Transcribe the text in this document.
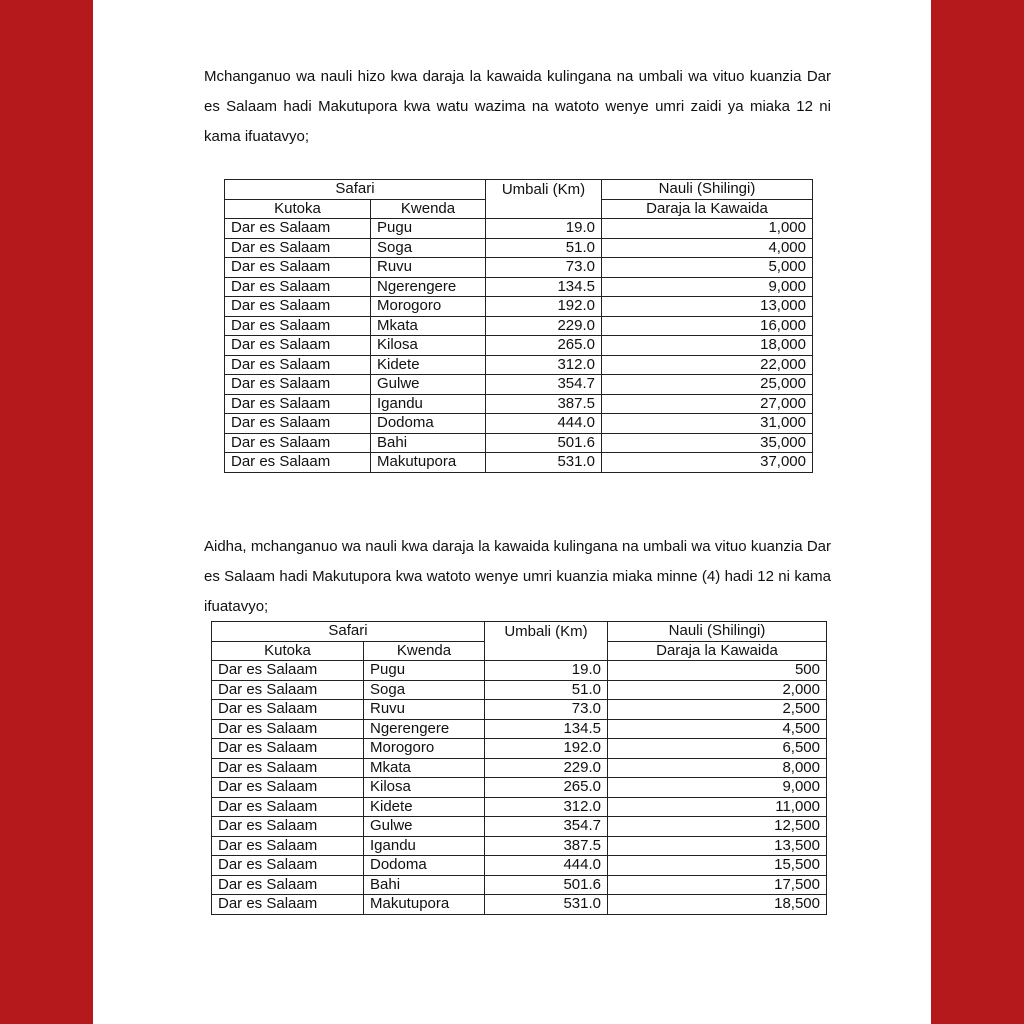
Mchanganuo wa nauli hizo kwa daraja la kawaida kulingana na umbali wa vituo kuanzia Dar es Salaam hadi Makutupora kwa watu wazima na watoto wenye umri zaidi ya miaka 12 ni kama ifuatavyo;

Safari		Umbali (Km)	Nauli (Shilingi)
Kutoka	Kwenda		Daraja la Kawaida
Dar es Salaam	Pugu	19.0	1,000
Dar es Salaam	Soga	51.0	4,000
Dar es Salaam	Ruvu	73.0	5,000
Dar es Salaam	Ngerengere	134.5	9,000
Dar es Salaam	Morogoro	192.0	13,000
Dar es Salaam	Mkata	229.0	16,000
Dar es Salaam	Kilosa	265.0	18,000
Dar es Salaam	Kidete	312.0	22,000
Dar es Salaam	Gulwe	354.7	25,000
Dar es Salaam	Igandu	387.5	27,000
Dar es Salaam	Dodoma	444.0	31,000
Dar es Salaam	Bahi	501.6	35,000
Dar es Salaam	Makutupora	531.0	37,000

Aidha, mchanganuo wa nauli kwa daraja la kawaida kulingana na umbali wa vituo kuanzia Dar es Salaam hadi Makutupora kwa watoto wenye umri kuanzia miaka minne (4) hadi 12 ni kama ifuatavyo;

Safari		Umbali (Km)	Nauli (Shilingi)
Kutoka	Kwenda		Daraja la Kawaida
Dar es Salaam	Pugu	19.0	500
Dar es Salaam	Soga	51.0	2,000
Dar es Salaam	Ruvu	73.0	2,500
Dar es Salaam	Ngerengere	134.5	4,500
Dar es Salaam	Morogoro	192.0	6,500
Dar es Salaam	Mkata	229.0	8,000
Dar es Salaam	Kilosa	265.0	9,000
Dar es Salaam	Kidete	312.0	11,000
Dar es Salaam	Gulwe	354.7	12,500
Dar es Salaam	Igandu	387.5	13,500
Dar es Salaam	Dodoma	444.0	15,500
Dar es Salaam	Bahi	501.6	17,500
Dar es Salaam	Makutupora	531.0	18,500
